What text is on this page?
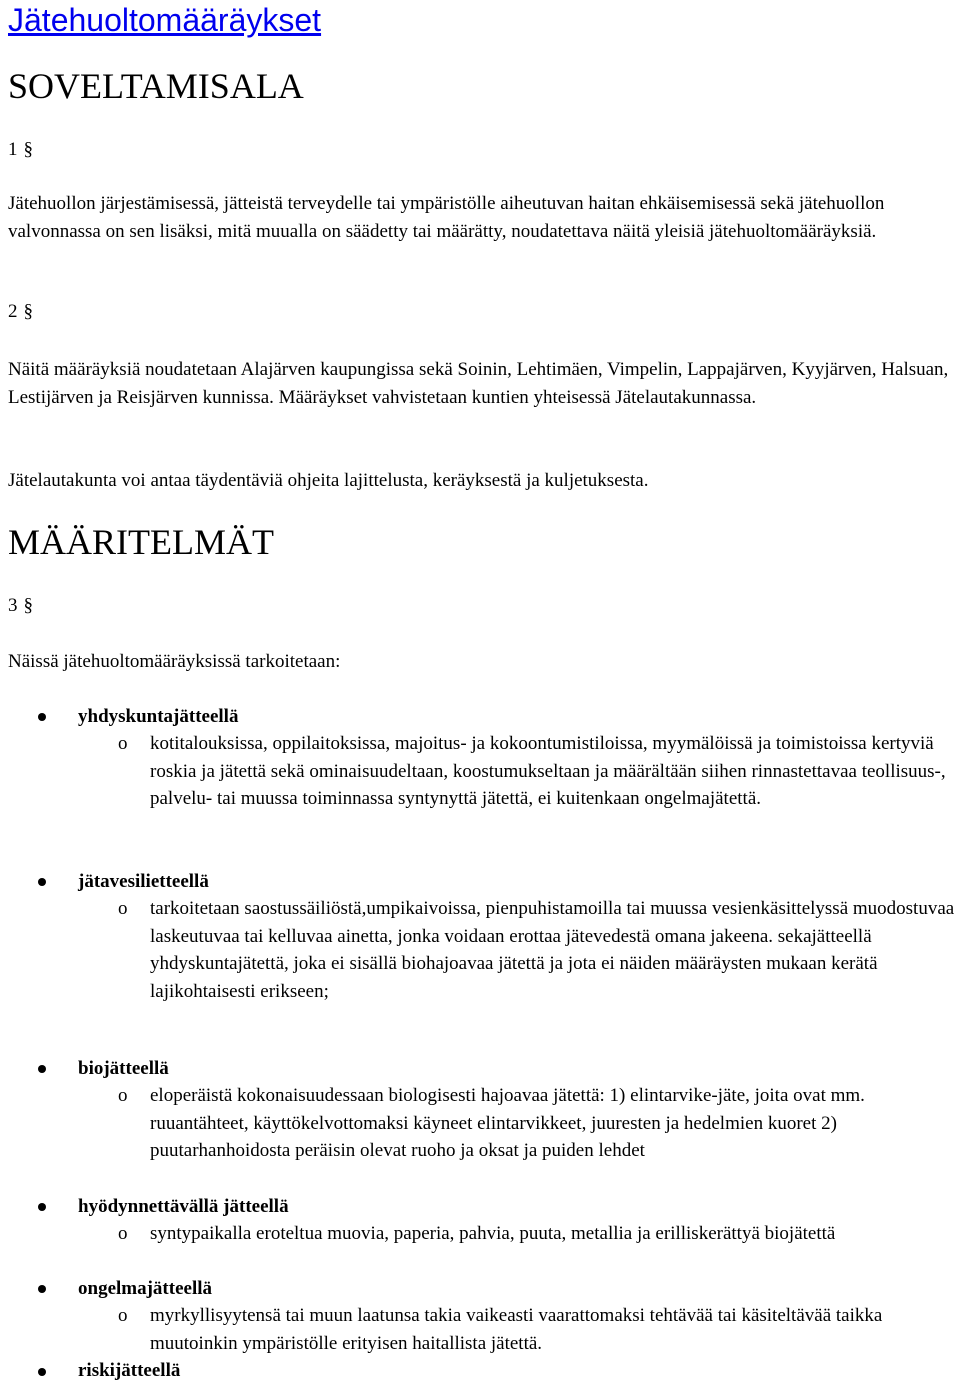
Jätehuoltomääräykset
SOVELTAMISALA
1 §

Jätehuollon järjestämisessä, jätteistä terveydelle tai ympäristölle aiheutuvan haitan ehkäisemisessä sekä jätehuollon valvonnassa on sen lisäksi, mitä muualla on säädetty tai määrätty, noudatettava näitä yleisiä jätehuoltomääräyksiä.

2 §

Näitä määräyksiä noudatetaan Alajärven kaupungissa sekä Soinin, Lehtimäen, Vimpelin, Lappajärven, Kyyjärven, Halsuan, Lestijärven ja Reisjärven kunnissa. Määräykset vahvistetaan kuntien yhteisessä Jätelautakunnassa.

Jätelautakunta voi antaa täydentäviä ohjeita lajittelusta, keräyksestä ja kuljetuksesta.

MÄÄRITELMÄT
3 §

Näissä jätehuoltomääräyksissä tarkoitetaan:

yhdyskuntajätteellä
o kotitalouksissa, oppilaitoksissa, majoitus- ja kokoontumistiloissa, myymälöissä ja toimistoissa kertyviä roskia ja jätettä sekä ominaisuudeltaan, koostumukseltaan ja määrältään siihen rinnastettavaa teollisuus-, palvelu- tai muussa toiminnassa syntynyttä jätettä, ei kuitenkaan ongelmajätettä.

jätavesilietteellä
o tarkoitetaan saostussäiliöstä,umpikaivoissa, pienpuhistamoilla tai muussa vesienkäsittelyssä muodostuvaa laskeutuvaa tai kelluvaa ainetta, jonka voidaan erottaa jätevedestä omana jakeena. sekajätteellä yhdyskuntajätettä, joka ei sisällä biohajoavaa jätettä ja jota ei näiden määräysten mukaan kerätä lajikohtaisesti erikseen;

biojätteellä
o eloperäistä kokonaisuudessaan biologisesti hajoavaa jätettä: 1) elintarvike-jäte, joita ovat mm. ruuantähteet, käyttökelvottomaksi käyneet elintarvikkeet, juuresten ja hedelmien kuoret 2) puutarhanhoidosta peräisin olevat ruoho ja oksat ja puiden lehdet

hyödynnettävällä jätteellä
o syntypaikalla eroteltua muovia, paperia, pahvia, puuta, metallia ja erilliskerättyä biojätettä

ongelmajätteellä
o myrkyllisyytensä tai muun laatunsa takia vaikeasti vaarattomaksi tehtävää tai käsiteltävää taikka muutoinkin ympäristölle erityisen haitallista jätettä.

riskijätteellä
